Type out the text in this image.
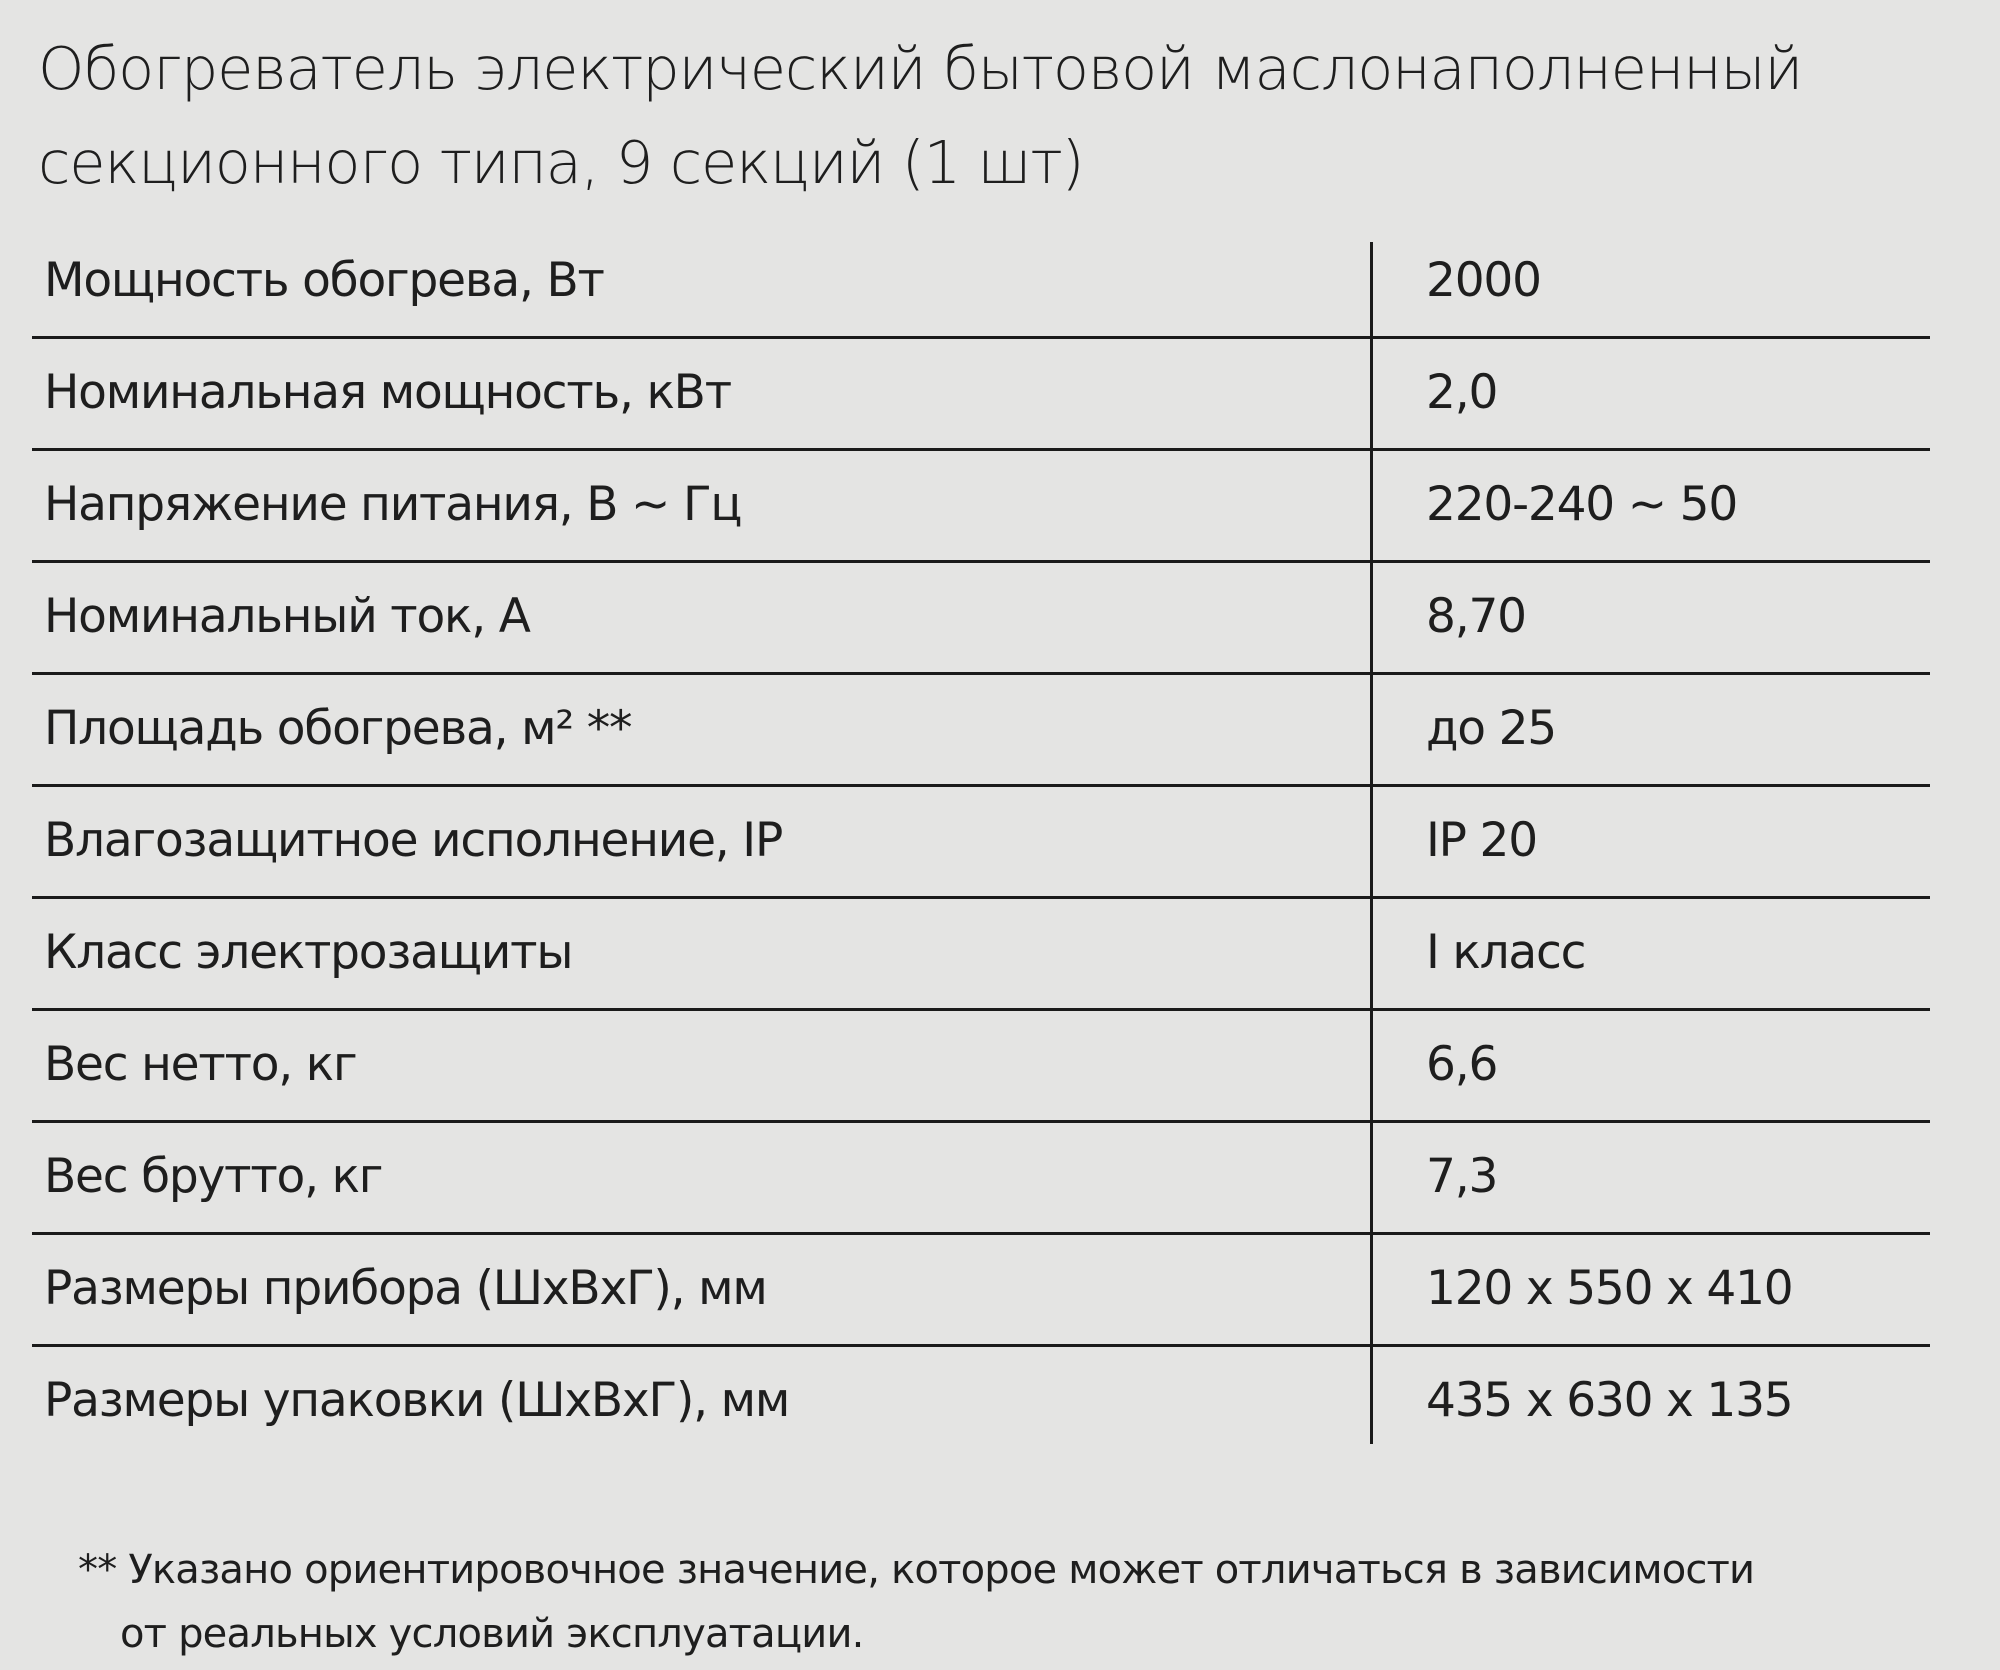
Обогреватель электрический бытовой маслонаполненный
секционного типа, 9 секций (1 шт)
Мощность обогрева, Вт	2000
Номинальная мощность, кВт	2,0
Напряжение питания, В ~ Гц	220-240 ~ 50
Номинальный ток, А	8,70
Площадь обогрева, м² **	до 25
Влагозащитное исполнение, IP	IP 20
Класс электрозащиты	I класс
Вес нетто, кг	6,6
Вес брутто, кг	7,3
Размеры прибора (ШхВхГ), мм	120 x 550 x 410
Размеры упаковки (ШхВхГ), мм	435 x 630 x 135
** Указано ориентировочное значение, которое может отличаться в зависимости
от реальных условий эксплуатации.
